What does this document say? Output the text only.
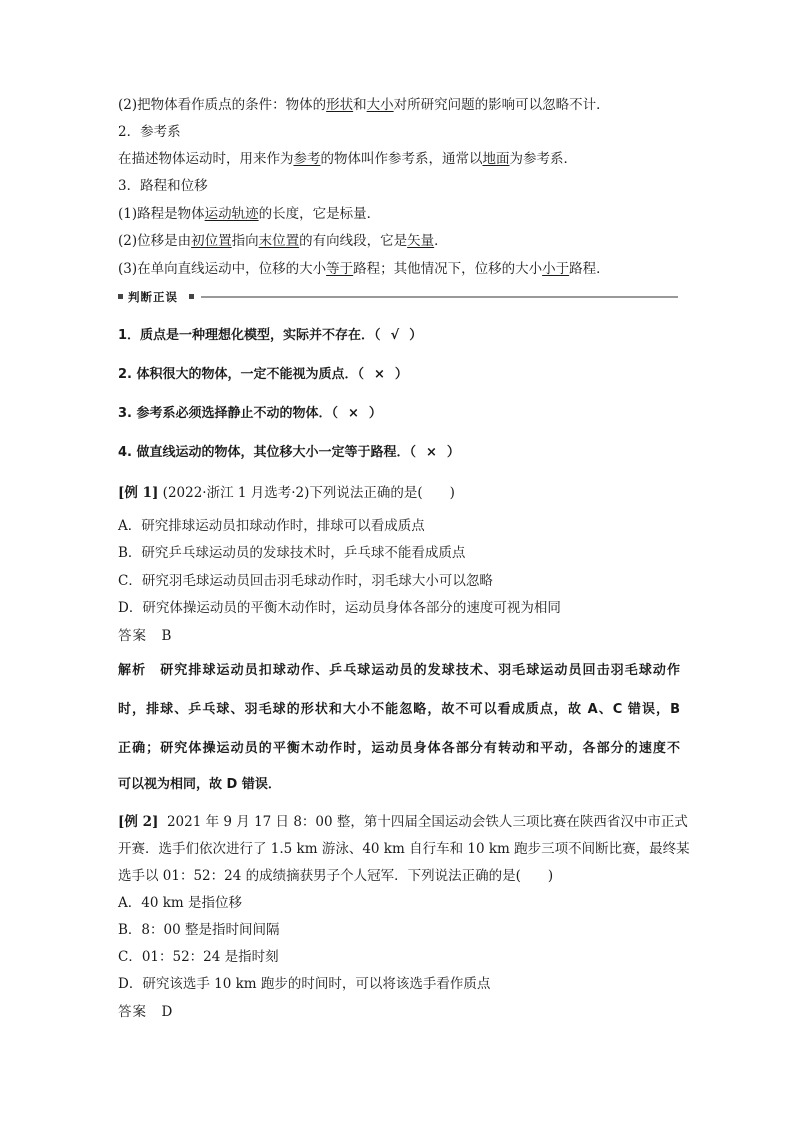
(2)把物体看作质点的条件：物体的形状和大小对所研究问题的影响可以忽略不计．
2．参考系
在描述物体运动时，用来作为参考的物体叫作参考系，通常以地面为参考系．
3．路程和位移
(1)路程是物体运动轨迹的长度，它是标量．
(2)位移是由初位置指向末位置的有向线段，它是矢量．
(3)在单向直线运动中，位移的大小等于路程；其他情况下，位移的大小小于路程．
判断正误
1．质点是一种理想化模型，实际并不存在．（ √ ）
2. 体积很大的物体，一定不能视为质点．（ × ）
3. 参考系必须选择静止不动的物体．（ × ）
4. 做直线运动的物体，其位移大小一定等于路程．（ × ）
[例 1] (2022·浙江 1 月选考·2)下列说法正确的是(　　)
A．研究排球运动员扣球动作时，排球可以看成质点
B．研究乒乓球运动员的发球技术时，乒乓球不能看成质点
C．研究羽毛球运动员回击羽毛球动作时，羽毛球大小可以忽略
D．研究体操运动员的平衡木动作时，运动员身体各部分的速度可视为相同
答案　B
解析　研究排球运动员扣球动作、乒乓球运动员的发球技术、羽毛球运动员回击羽毛球动作
时，排球、乒乓球、羽毛球的形状和大小不能忽略，故不可以看成质点，故 A、C 错误，B
正确；研究体操运动员的平衡木动作时，运动员身体各部分有转动和平动，各部分的速度不
可以视为相同，故 D 错误．
[例 2] 2021 年 9 月 17 日 8：00 整，第十四届全国运动会铁人三项比赛在陕西省汉中市正式
开赛．选手们依次进行了 1.5 km 游泳、40 km 自行车和 10 km 跑步三项不间断比赛，最终某
选手以 01：52：24 的成绩摘获男子个人冠军．下列说法正确的是(　　)
A．40 km 是指位移
B．8：00 整是指时间间隔
C．01：52：24 是指时刻
D．研究该选手 10 km 跑步的时间时，可以将该选手看作质点
答案　D
